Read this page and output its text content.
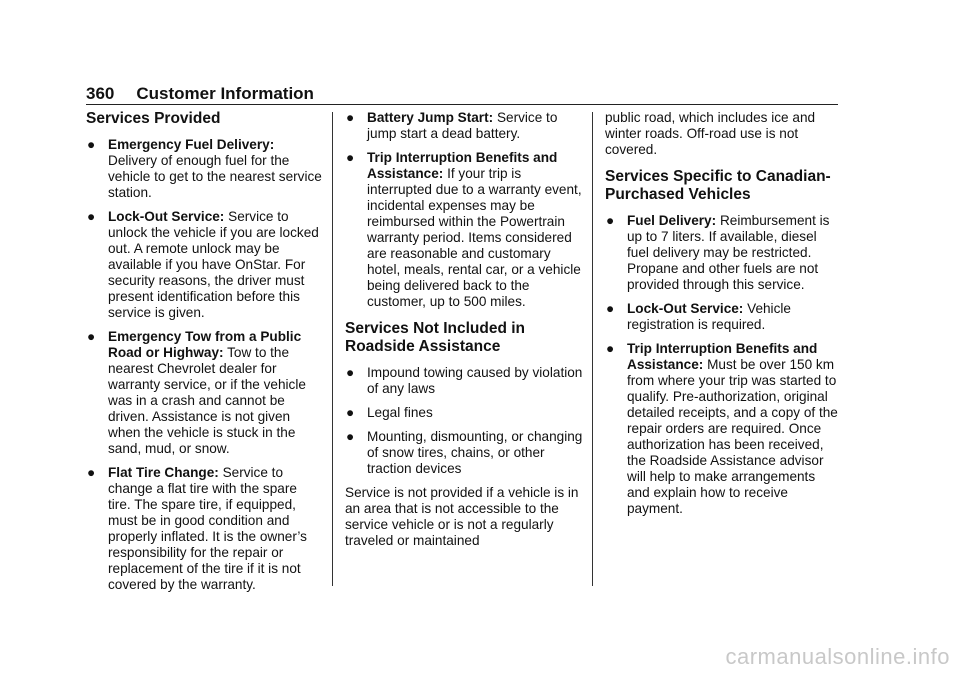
360 Customer Information
Services Provided
● Emergency Fuel Delivery:
Delivery of enough fuel for the vehicle to get to the nearest service station.
● Lock-Out Service: Service to unlock the vehicle if you are locked out. A remote unlock may be available if you have OnStar. For security reasons, the driver must present identification before this service is given.
● Emergency Tow from a Public Road or Highway: Tow to the nearest Chevrolet dealer for warranty service, or if the vehicle was in a crash and cannot be driven. Assistance is not given when the vehicle is stuck in the sand, mud, or snow.
● Flat Tire Change: Service to change a flat tire with the spare tire. The spare tire, if equipped, must be in good condition and properly inflated. It is the owner’s responsibility for the repair or replacement of the tire if it is not covered by the warranty.
● Battery Jump Start: Service to jump start a dead battery.
● Trip Interruption Benefits and Assistance: If your trip is interrupted due to a warranty event, incidental expenses may be reimbursed within the Powertrain warranty period. Items considered are reasonable and customary hotel, meals, rental car, or a vehicle being delivered back to the customer, up to 500 miles.
Services Not Included in Roadside Assistance
● Impound towing caused by violation of any laws
● Legal fines
● Mounting, dismounting, or changing of snow tires, chains, or other traction devices

Service is not provided if a vehicle is in an area that is not accessible to the service vehicle or is not a regularly traveled or maintained

public road, which includes ice and winter roads. Off-road use is not covered.

Services Specific to Canadian-Purchased Vehicles
● Fuel Delivery: Reimbursement is up to 7 liters. If available, diesel fuel delivery may be restricted. Propane and other fuels are not provided through this service.
● Lock-Out Service: Vehicle registration is required.
● Trip Interruption Benefits and Assistance: Must be over 150 km from where your trip was started to qualify. Pre-authorization, original detailed receipts, and a copy of the repair orders are required. Once authorization has been received, the Roadside Assistance advisor will help to make arrangements and explain how to receive payment.
carmanualsonline.info
